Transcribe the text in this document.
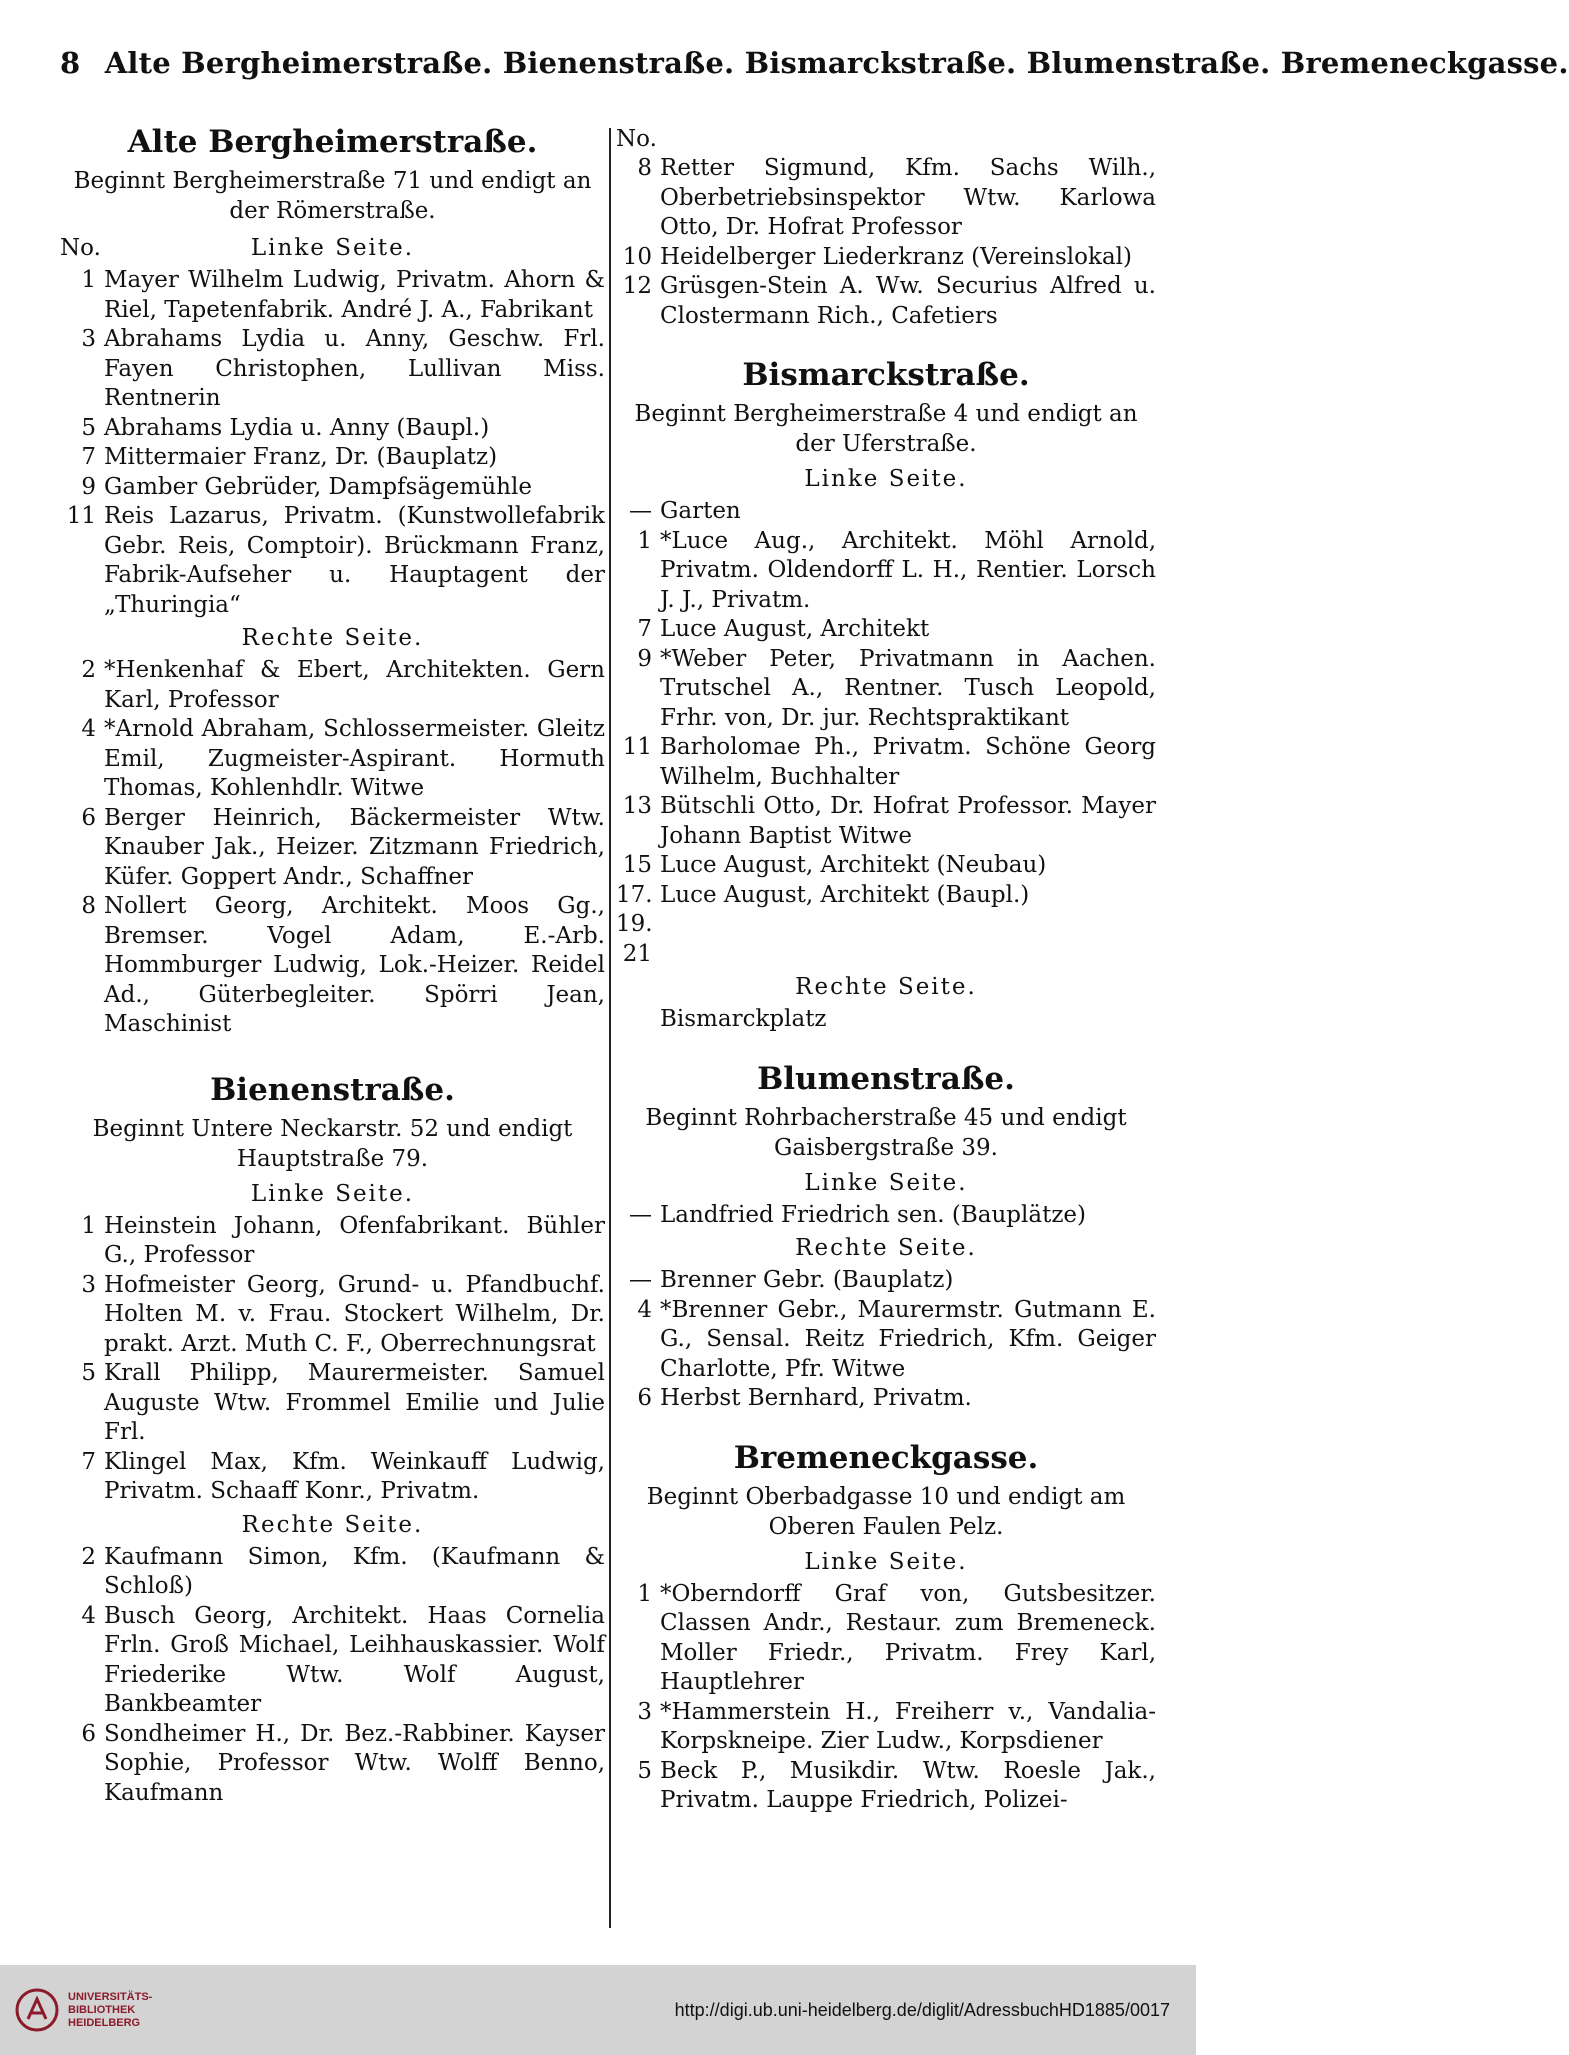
8 Alte Bergheimerstraße. Bienenstraße. Bismarckstraße. Blumenstraße. Bremeneckgasse.
Alte Bergheimerstraße.
Beginnt Bergheimerstraße 71 und endigt an der Römerstraße.
No.	Linke Seite.
1 Mayer Wilhelm Ludwig, Privatm. Ahorn & Riel, Tapetenfabrik. André J. A., Fabrikant
3 Abrahams Lydia u. Anny, Geschw. Frl. Fayen Christophen, Lullivan Miss. Rentnerin
5 Abrahams Lydia u. Anny (Baupl.)
7 Mittermaier Franz, Dr. (Bauplatz)
9 Gamber Gebrüder, Dampfsägemühle
11 Reis Lazarus, Privatm. (Kunstwollefabrik Gebr. Reis, Comptoir). Brückmann Franz, Fabrik-Aufseher u. Hauptagent der „Thuringia“
Rechte Seite.
2 *Henkenhaf & Ebert, Architekten. Gern Karl, Professor
4 *Arnold Abraham, Schlossermeister. Gleitz Emil, Zugmeister-Aspirant. Hormuth Thomas, Kohlenhdlr. Witwe
6 Berger Heinrich, Bäckermeister Wtw. Knauber Jak., Heizer. Zitzmann Friedrich, Küfer. Goppert Andr., Schaffner
8 Nollert Georg, Architekt. Moos Gg., Bremser. Vogel Adam, E.-Arb. Hommburger Ludwig, Lok.-Heizer. Reidel Ad., Güterbegleiter. Spörri Jean, Maschinist
Bienenstraße.
Beginnt Untere Neckarstr. 52 und endigt Hauptstraße 79.
Linke Seite.
1 Heinstein Johann, Ofenfabrikant. Bühler G., Professor
3 Hofmeister Georg, Grund- u. Pfandbuchf. Holten M. v. Frau. Stockert Wilhelm, Dr. prakt. Arzt. Muth C. F., Oberrechnungsrat
5 Krall Philipp, Maurermeister. Samuel Auguste Wtw. Frommel Emilie und Julie Frl.
7 Klingel Max, Kfm. Weinkauff Ludwig, Privatm. Schaaff Konr., Privatm.
Rechte Seite.
2 Kaufmann Simon, Kfm. (Kaufmann & Schloß)
4 Busch Georg, Architekt. Haas Cornelia Frln. Groß Michael, Leihhauskassier. Wolf Friederike Wtw. Wolf August, Bankbeamter
6 Sondheimer H., Dr. Bez.-Rabbiner. Kayser Sophie, Professor Wtw. Wolff Benno, Kaufmann
No.
8 Retter Sigmund, Kfm. Sachs Wilh., Oberbetriebsinspektor Wtw. Karlowa Otto, Dr. Hofrat Professor
10 Heidelberger Liederkranz (Vereinslokal)
12 Grüsgen-Stein A. Ww. Securius Alfred u. Clostermann Rich., Cafetiers
Bismarckstraße.
Beginnt Bergheimerstraße 4 und endigt an der Uferstraße.
Linke Seite.
— Garten
1 *Luce Aug., Architekt. Möhl Arnold, Privatm. Oldendorff L. H., Rentier. Lorsch J. J., Privatm.
7 Luce August, Architekt
9 *Weber Peter, Privatmann in Aachen. Trutschel A., Rentner. Tusch Leopold, Frhr. von, Dr. jur. Rechtspraktikant
11 Barholomae Ph., Privatm. Schöne Georg Wilhelm, Buchhalter
13 Bütschli Otto, Dr. Hofrat Professor. Mayer Johann Baptist Witwe
15 Luce August, Architekt (Neubau)
17. 19. 21
Luce August, Architekt (Baupl.)
Rechte Seite.
Bismarckplatz
Blumenstraße.
Beginnt Rohrbacherstraße 45 und endigt Gaisbergstraße 39.
Linke Seite.
— Landfried Friedrich sen. (Bauplätze)
Rechte Seite.
— Brenner Gebr. (Bauplatz)
4 *Brenner Gebr., Maurermstr. Gutmann E. G., Sensal. Reitz Friedrich, Kfm. Geiger Charlotte, Pfr. Witwe
6 Herbst Bernhard, Privatm.
Bremeneckgasse.
Beginnt Oberbadgasse 10 und endigt am Oberen Faulen Pelz.
Linke Seite.
1 *Oberndorff Graf von, Gutsbesitzer. Classen Andr., Restaur. zum Bremeneck. Moller Friedr., Privatm. Frey Karl, Hauptlehrer
3 *Hammerstein H., Freiherr v., Vandalia-Korpskneipe. Zier Ludw., Korpsdiener
5 Beck P., Musikdir. Wtw. Roesle Jak., Privatm. Lauppe Friedrich, Polizei-
UNIVERSITÄTS-
BIBLIOTHEK
HEIDELBERG
http://digi.ub.uni-heidelberg.de/diglit/AdressbuchHD1885/0017
